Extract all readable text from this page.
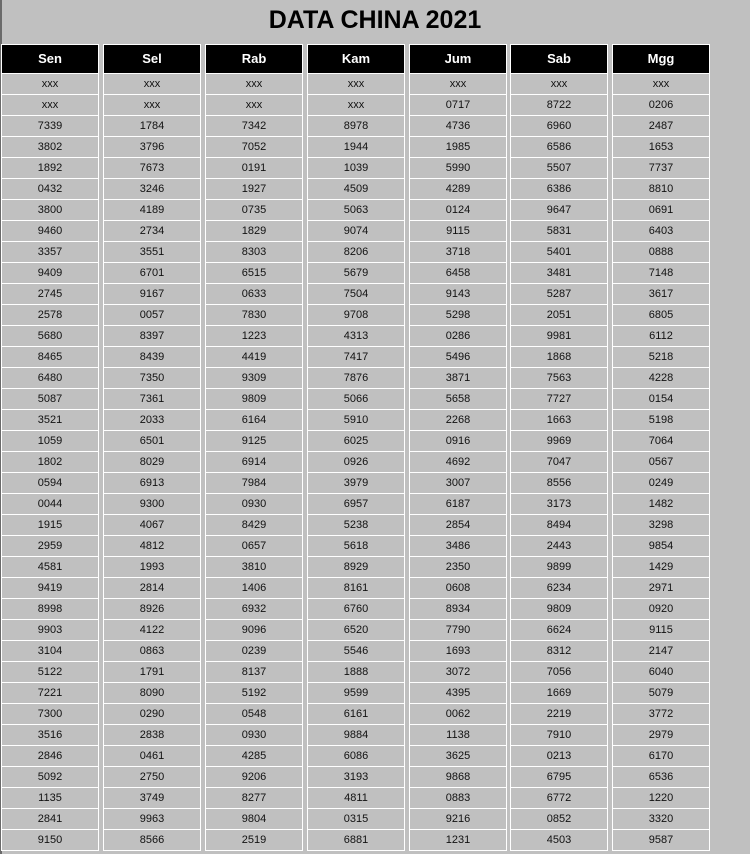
DATA CHINA 2021
Sen
xxx
xxx
7339
3802
1892
0432
3800
9460
3357
9409
2745
2578
5680
8465
6480
5087
3521
1059
1802
0594
0044
1915
2959
4581
9419
8998
9903
3104
5122
7221
7300
3516
2846
5092
1135
2841
9150
Sel
xxx
xxx
1784
3796
7673
3246
4189
2734
3551
6701
9167
0057
8397
8439
7350
7361
2033
6501
8029
6913
9300
4067
4812
1993
2814
8926
4122
0863
1791
8090
0290
2838
0461
2750
3749
9963
8566
Rab
xxx
xxx
7342
7052
0191
1927
0735
1829
8303
6515
0633
7830
1223
4419
9309
9809
6164
9125
6914
7984
0930
8429
0657
3810
1406
6932
9096
0239
8137
5192
0548
0930
4285
9206
8277
9804
2519
Kam
xxx
xxx
8978
1944
1039
4509
5063
9074
8206
5679
7504
9708
4313
7417
7876
5066
5910
6025
0926
3979
6957
5238
5618
8929
8161
6760
6520
5546
1888
9599
6161
9884
6086
3193
4811
0315
6881
Jum
xxx
0717
4736
1985
5990
4289
0124
9115
3718
6458
9143
5298
0286
5496
3871
5658
2268
0916
4692
3007
6187
2854
3486
2350
0608
8934
7790
1693
3072
4395
0062
1138
3625
9868
0883
9216
1231
Sab
xxx
8722
6960
6586
5507
6386
9647
5831
5401
3481
5287
2051
9981
1868
7563
7727
1663
9969
7047
8556
3173
8494
2443
9899
6234
9809
6624
8312
7056
1669
2219
7910
0213
6795
6772
0852
4503
Mgg
xxx
0206
2487
1653
7737
8810
0691
6403
0888
7148
3617
6805
6112
5218
4228
0154
5198
7064
0567
0249
1482
3298
9854
1429
2971
0920
9115
2147
6040
5079
3772
2979
6170
6536
1220
3320
9587
